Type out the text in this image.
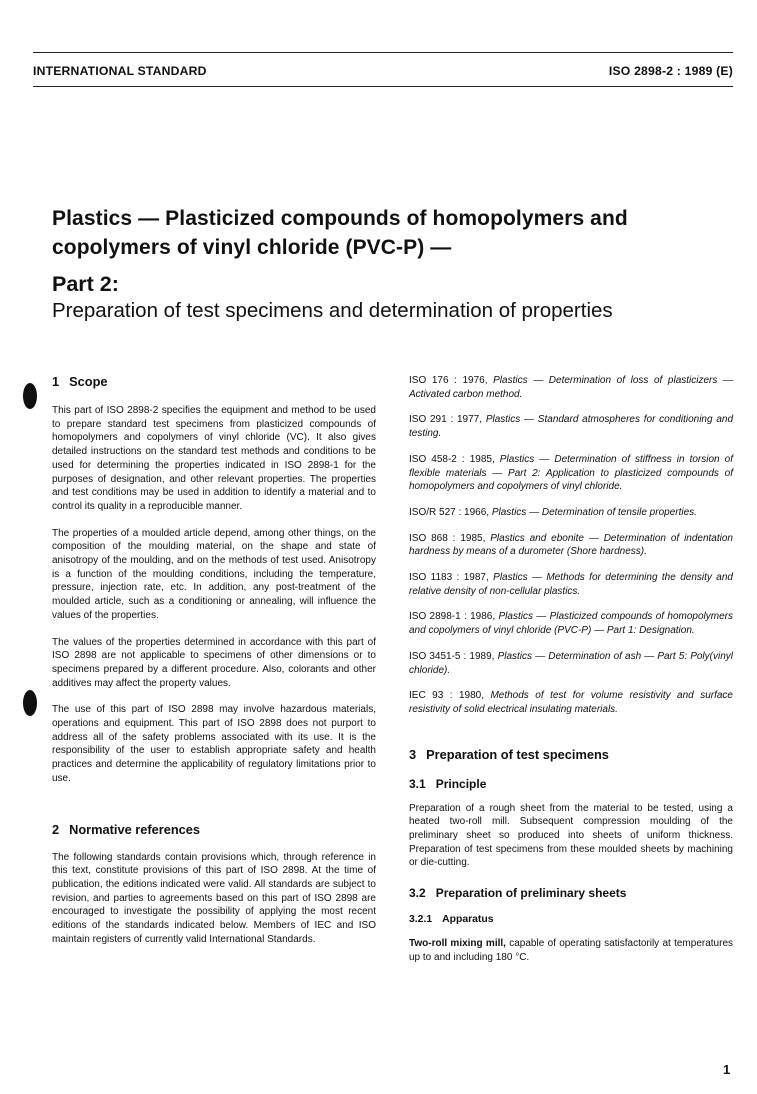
INTERNATIONAL STANDARD	ISO 2898-2 : 1989 (E)
Plastics — Plasticized compounds of homopolymers and
copolymers of vinyl chloride (PVC-P) —
Part 2:
Preparation of test specimens and determination of properties
1 Scope

This part of ISO 2898-2 specifies the equipment and method to be used to prepare standard test specimens from plasticized compounds of homopolymers and copolymers of vinyl chloride (VC). It also gives detailed instructions on the standard test methods and conditions to be used for determining the properties indicated in ISO 2898-1 for the purposes of designation, and other relevant properties. The properties and test conditions may be used in addition to identify a material and to control its quality in a reproducible manner.

The properties of a moulded article depend, among other things, on the composition of the moulding material, on the shape and state of anisotropy of the moulding, and on the methods of test used. Anisotropy is a function of the moulding conditions, including the temperature, pressure, injection rate, etc. In addition, any post-treatment of the moulded article, such as a conditioning or annealing, will influence the values of the properties.

The values of the properties determined in accordance with this part of ISO 2898 are not applicable to specimens of other dimensions or to specimens prepared by a different procedure. Also, colorants and other additives may affect the property values.

The use of this part of ISO 2898 may involve hazardous materials, operations and equipment. This part of ISO 2898 does not purport to address all of the safety problems associated with its use. It is the responsibility of the user to establish appropriate safety and health practices and determine the applicability of regulatory limitations prior to use.

2 Normative references

The following standards contain provisions which, through reference in this text, constitute provisions of this part of ISO 2898. At the time of publication, the editions indicated were valid. All standards are subject to revision, and parties to agreements based on this part of ISO 2898 are encouraged to investigate the possibility of applying the most recent editions of the standards indicated below. Members of IEC and ISO maintain registers of currently valid International Standards.

ISO 176 : 1976, Plastics — Determination of loss of plasticizers — Activated carbon method.

ISO 291 : 1977, Plastics — Standard atmospheres for conditioning and testing.

ISO 458-2 : 1985, Plastics — Determination of stiffness in torsion of flexible materials — Part 2: Application to plasticized compounds of homopolymers and copolymers of vinyl chloride.

ISO/R 527 : 1966, Plastics — Determination of tensile properties.

ISO 868 : 1985, Plastics and ebonite — Determination of indentation hardness by means of a durometer (Shore hardness).

ISO 1183 : 1987, Plastics — Methods for determining the density and relative density of non-cellular plastics.

ISO 2898-1 : 1986, Plastics — Plasticized compounds of homopolymers and copolymers of vinyl chloride (PVC-P) — Part 1: Designation.

ISO 3451-5 : 1989, Plastics — Determination of ash — Part 5: Poly(vinyl chloride).

IEC 93 : 1980, Methods of test for volume resistivity and surface resistivity of solid electrical insulating materials.

3 Preparation of test specimens
3.1 Principle

Preparation of a rough sheet from the material to be tested, using a heated two-roll mill. Subsequent compression moulding of the preliminary sheet so produced into sheets of uniform thickness. Preparation of test specimens from these moulded sheets by machining or die-cutting.

3.2 Preparation of preliminary sheets
3.2.1 Apparatus

Two-roll mixing mill, capable of operating satisfactorily at temperatures up to and including 180 °C.

1
